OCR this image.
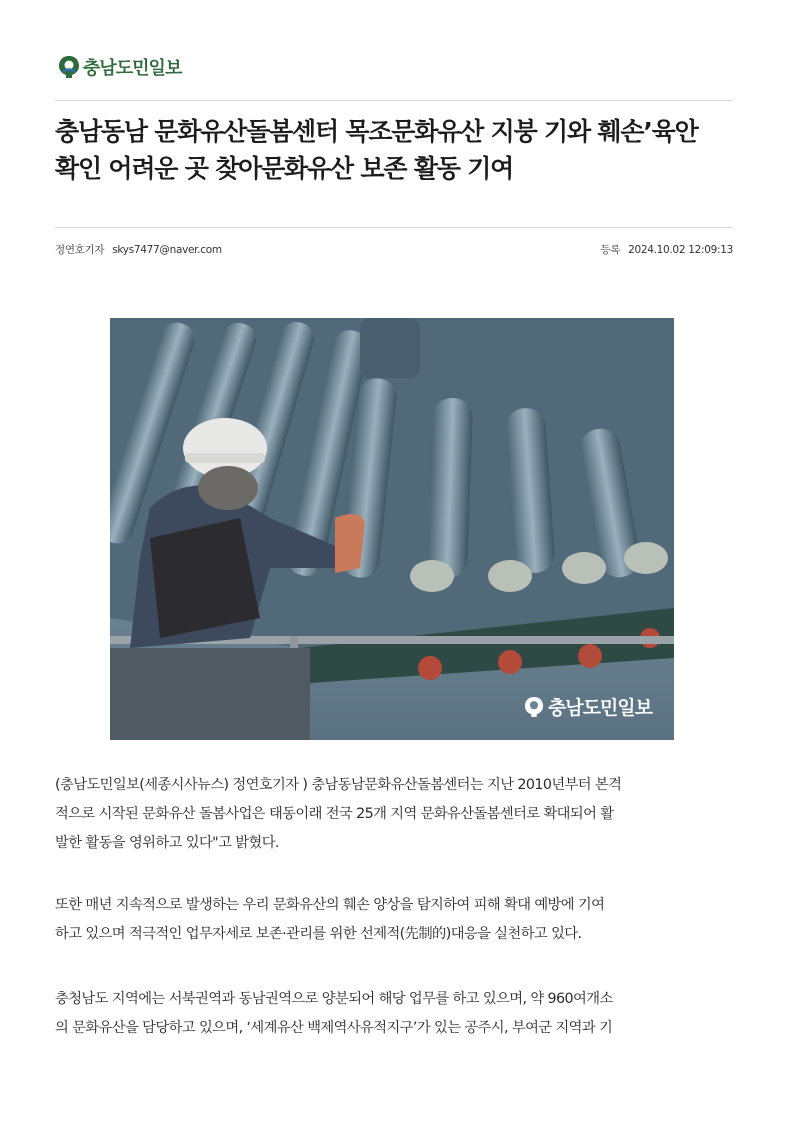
충남도민일보
충남동남 문화유산돌봄센터 목조문화유산 지붕 기와 훼손’육안
확인 어려운 곳 찾아문화유산 보존 활동 기여
정연호기자 skys7477@naver.com	등록 2024.10.02 12:09:13
충남도민일보

(충남도민일보(세종시사뉴스) 정연호기자 ) 충남동남문화유산돌봄센터는 지난 2010년부터 본격
적으로 시작된 문화유산 돌봄사업은 태동이래 전국 25개 지역 문화유산돌봄센터로 확대되어 활
발한 활동을 영위하고 있다"고 밝혔다.

또한 매년 지속적으로 발생하는 우리 문화유산의 훼손 양상을 탐지하여 피해 확대 예방에 기여
하고 있으며 적극적인 업무자세로 보존·관리를 위한 선제적(先制的)대응을 실천하고 있다.

충청남도 지역에는 서북권역과 동남권역으로 양분되어 해당 업무를 하고 있으며, 약 960여개소
의 문화유산을 담당하고 있으며, ‘세계유산 백제역사유적지구’가 있는 공주시, 부여군 지역과 기
